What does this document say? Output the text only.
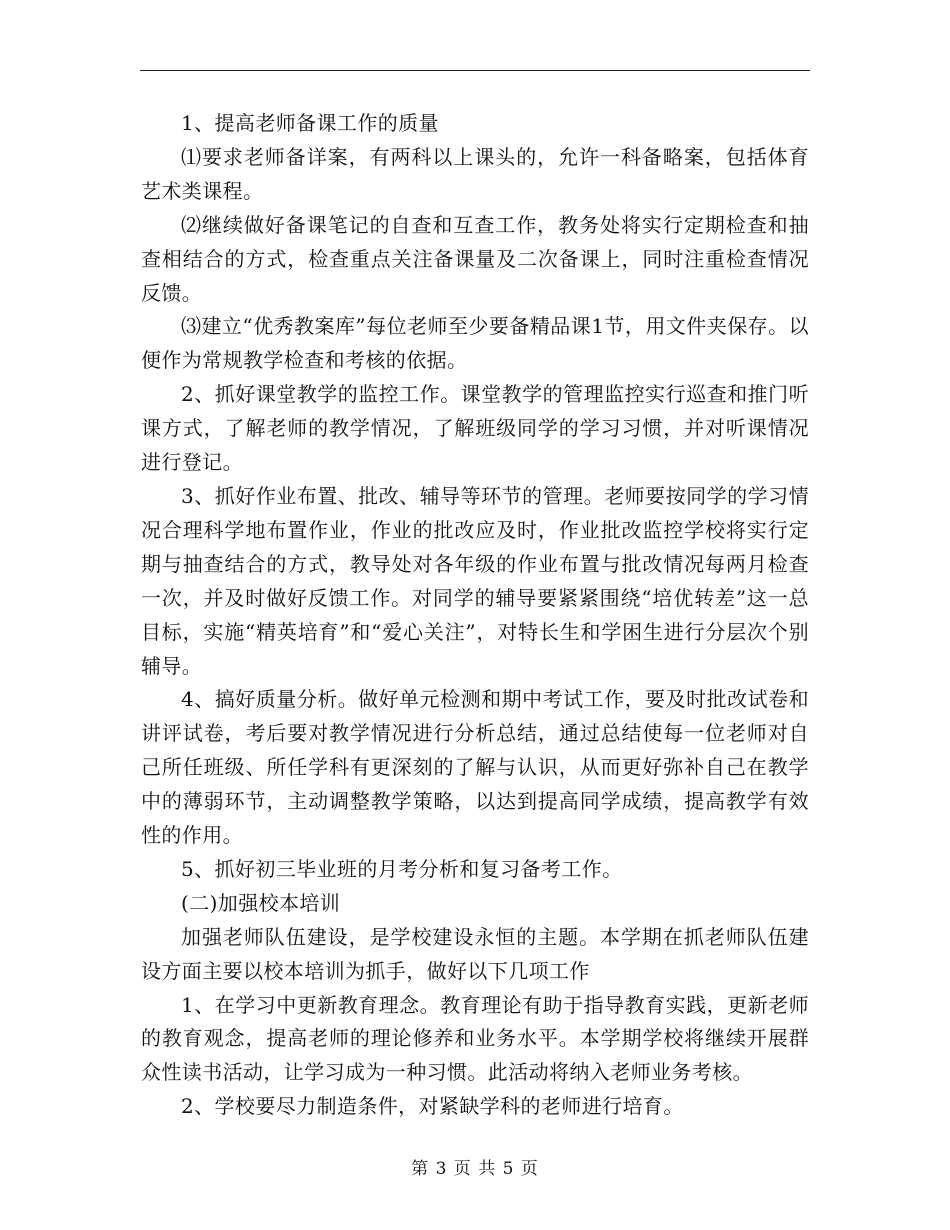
1、提高老师备课工作的质量

⑴要求老师备详案，有两科以上课头的，允许一科备略案，包括体育艺术类课程。

⑵继续做好备课笔记的自查和互查工作，教务处将实行定期检查和抽查相结合的方式，检查重点关注备课量及二次备课上，同时注重检查情况反馈。

⑶建立“优秀教案库”每位老师至少要备精品课1节，用文件夹保存。以便作为常规教学检查和考核的依据。

2、抓好课堂教学的监控工作。课堂教学的管理监控实行巡查和推门听课方式，了解老师的教学情况，了解班级同学的学习习惯，并对听课情况进行登记。

3、抓好作业布置、批改、辅导等环节的管理。老师要按同学的学习情况合理科学地布置作业，作业的批改应及时，作业批改监控学校将实行定期与抽查结合的方式，教导处对各年级的作业布置与批改情况每两月检查一次，并及时做好反馈工作。对同学的辅导要紧紧围绕“培优转差”这一总目标，实施“精英培育”和“爱心关注”，对特长生和学困生进行分层次个别辅导。

4、搞好质量分析。做好单元检测和期中考试工作，要及时批改试卷和讲评试卷，考后要对教学情况进行分析总结，通过总结使每一位老师对自己所任班级、所任学科有更深刻的了解与认识，从而更好弥补自己在教学中的薄弱环节，主动调整教学策略，以达到提高同学成绩，提高教学有效性的作用。

5、抓好初三毕业班的月考分析和复习备考工作。

(二)加强校本培训

加强老师队伍建设，是学校建设永恒的主题。本学期在抓老师队伍建设方面主要以校本培训为抓手，做好以下几项工作

1、在学习中更新教育理念。教育理论有助于指导教育实践，更新老师的教育观念，提高老师的理论修养和业务水平。本学期学校将继续开展群众性读书活动，让学习成为一种习惯。此活动将纳入老师业务考核。

2、学校要尽力制造条件，对紧缺学科的老师进行培育。

第 3 页 共 5 页
